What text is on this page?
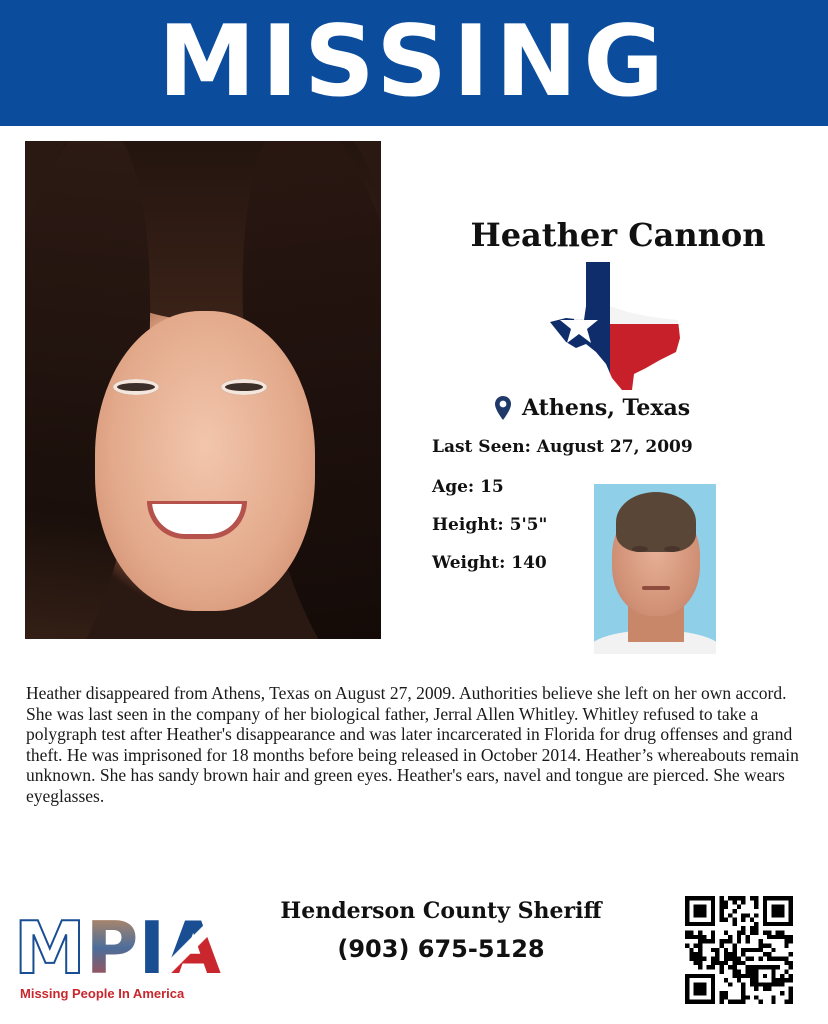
MISSING
Heather Cannon
Athens, Texas
Last Seen: August 27, 2009
Age: 15
Height: 5'5"
Weight: 140

Heather disappeared from Athens, Texas on August 27, 2009. Authorities believe she left on her own accord. She was last seen in the company of her biological father, Jerral Allen Whitley. Whitley refused to take a polygraph test after Heather's disappearance and was later incarcerated in Florida for drug offenses and grand theft. He was imprisoned for 18 months before being released in October 2014. Heather’s whereabouts remain unknown. She has sandy brown hair and green eyes. Heather's ears, navel and tongue are pierced. She wears eyeglasses.

M P I A
Missing People In America
Henderson County Sheriff
(903) 675-5128
